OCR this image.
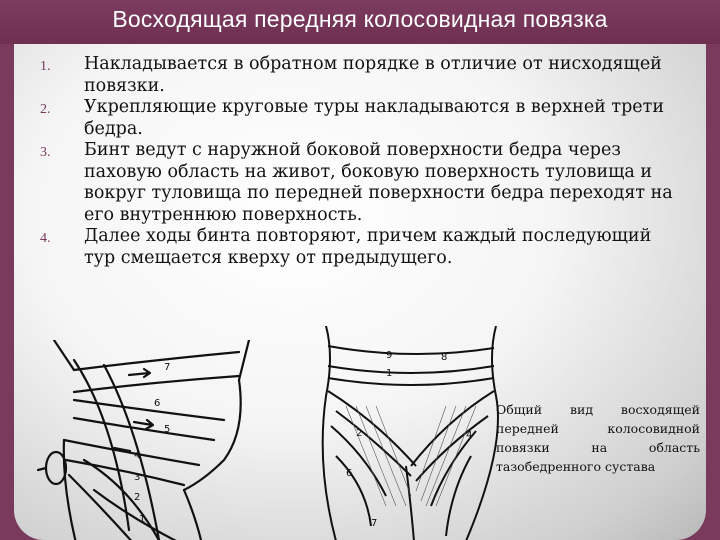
Восходящая передняя колосовидная повязка
1.	Накладывается в обратном порядке в отличие от нисходящей повязки.
2.	Укрепляющие круговые туры накладываются в верхней трети бедра.
3.	Бинт ведут с наружной боковой поверхности бедра через паховую область на живот, боковую поверхность туловища и вокруг туловища по передней поверхности бедра переходят на его внутреннюю поверхность.
4.	Далее ходы бинта повторяют, причем каждый последующий тур смещается кверху от предыдущего.
7
6
5
4
3
2
1
9	8
1
2	4
6
7
Общий вид восходящей передней колосовидной повязки на область тазобедренного сустава
